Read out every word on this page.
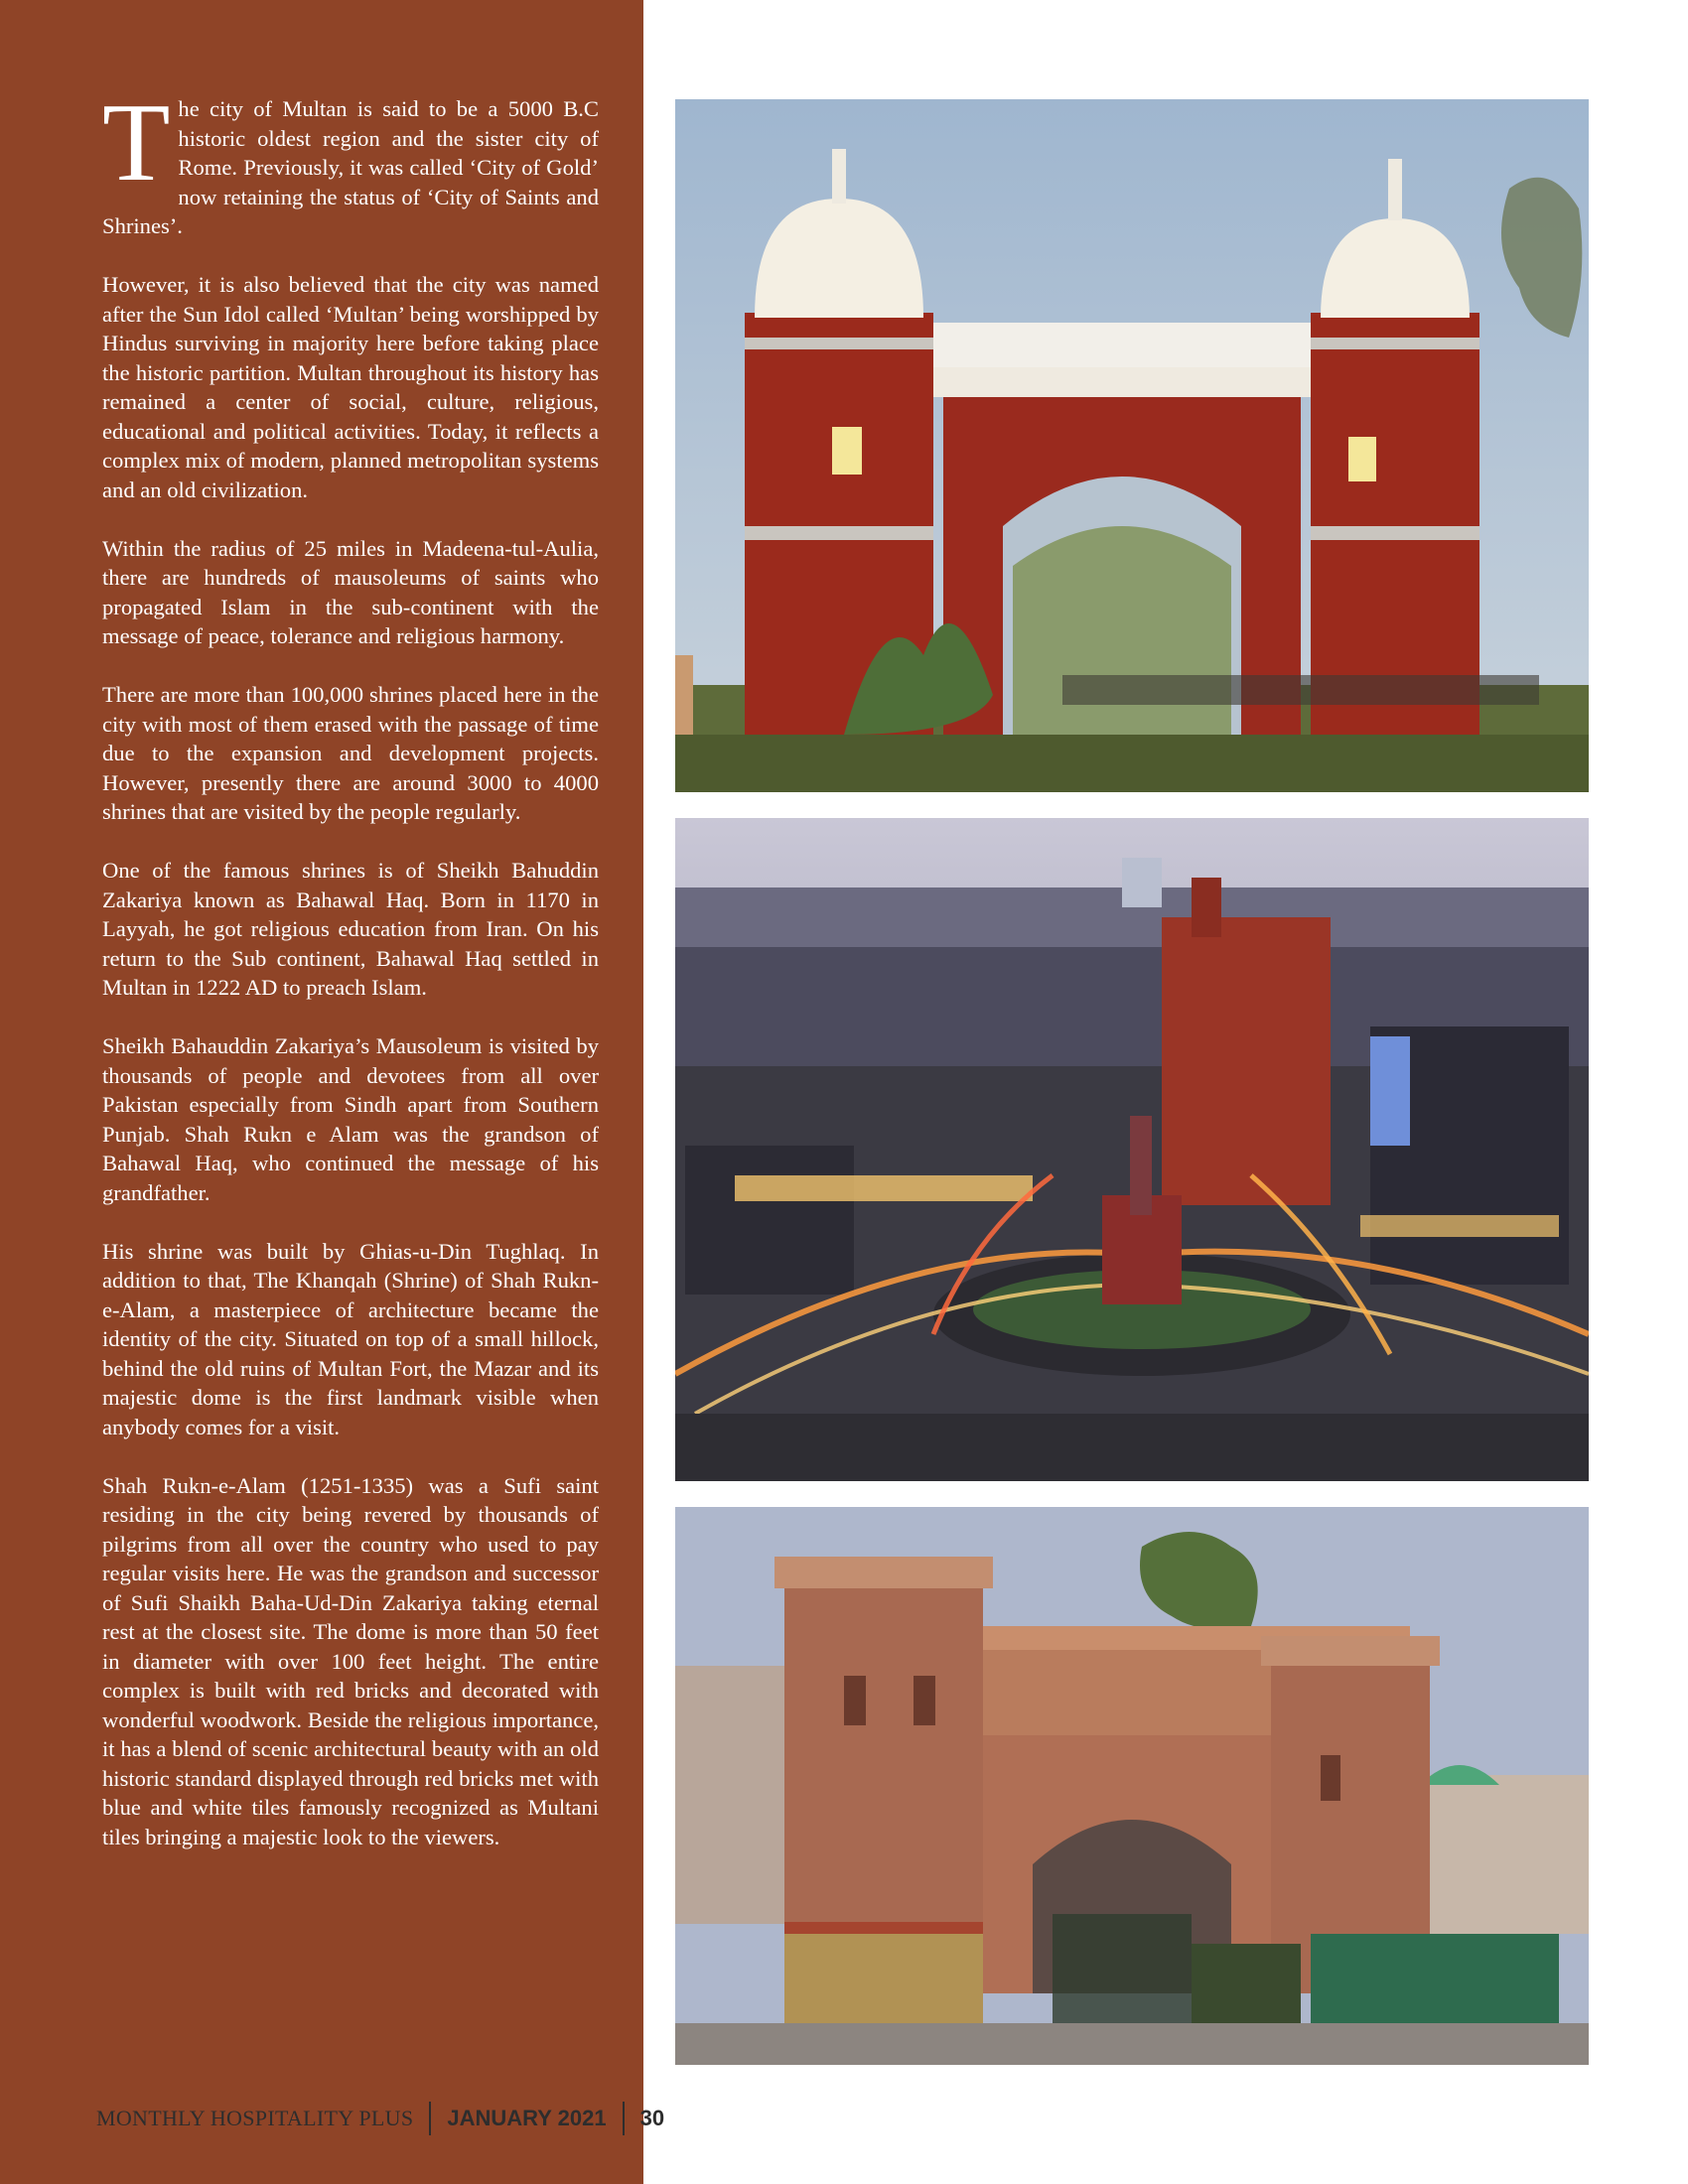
The city of Multan is said to be a 5000 B.C historic oldest region and the sister city of Rome. Previously, it was called ‘City of Gold’ now retaining the status of ‘City of Saints and Shrines’.

However, it is also believed that the city was named after the Sun Idol called ‘Multan’ being worshipped by Hindus surviving in majority here before taking place the historic partition. Multan throughout its history has remained a center of social, culture, religious, educational and political activities. Today, it reflects a complex mix of modern, planned metropolitan systems and an old civilization.

Within the radius of 25 miles in Madeena-tul-Aulia, there are hundreds of mausoleums of saints who propagated Islam in the sub-continent with the message of peace, tolerance and religious harmony.

There are more than 100,000 shrines placed here in the city with most of them erased with the passage of time due to the expansion and development projects. However, presently there are around 3000 to 4000 shrines that are visited by the people regularly.

One of the famous shrines is of Sheikh Bahuddin Zakariya known as Bahawal Haq. Born in 1170 in Layyah, he got religious education from Iran. On his return to the Sub continent, Bahawal Haq settled in Multan in 1222 AD to preach Islam.

Sheikh Bahauddin Zakariya’s Mausoleum is visited by thousands of people and devotees from all over Pakistan especially from Sindh apart from Southern Punjab. Shah Rukn e Alam was the grandson of Bahawal Haq, who continued the message of his grandfather.

His shrine was built by Ghias-u-Din Tughlaq. In addition to that, The Khanqah (Shrine) of Shah Rukn-e-Alam, a masterpiece of architecture became the identity of the city. Situated on top of a small hillock, behind the old ruins of Multan Fort, the Mazar and its majestic dome is the first landmark visible when anybody comes for a visit.

Shah Rukn-e-Alam (1251-1335) was a Sufi saint residing in the city being revered by thousands of pilgrims from all over the country who used to pay regular visits here. He was the grandson and successor of Sufi Shaikh Baha-Ud-Din Zakariya taking eternal rest at the closest site. The dome is more than 50 feet in diameter with over 100 feet height. The entire complex is built with red bricks and decorated with wonderful woodwork. Beside the religious importance, it has a blend of scenic architectural beauty with an old historic standard displayed through red bricks met with blue and white tiles famously recognized as Multani tiles bringing a majestic look to the viewers.

MONTHLY HOSPITALITY PLUS JANUARY 2021 30
